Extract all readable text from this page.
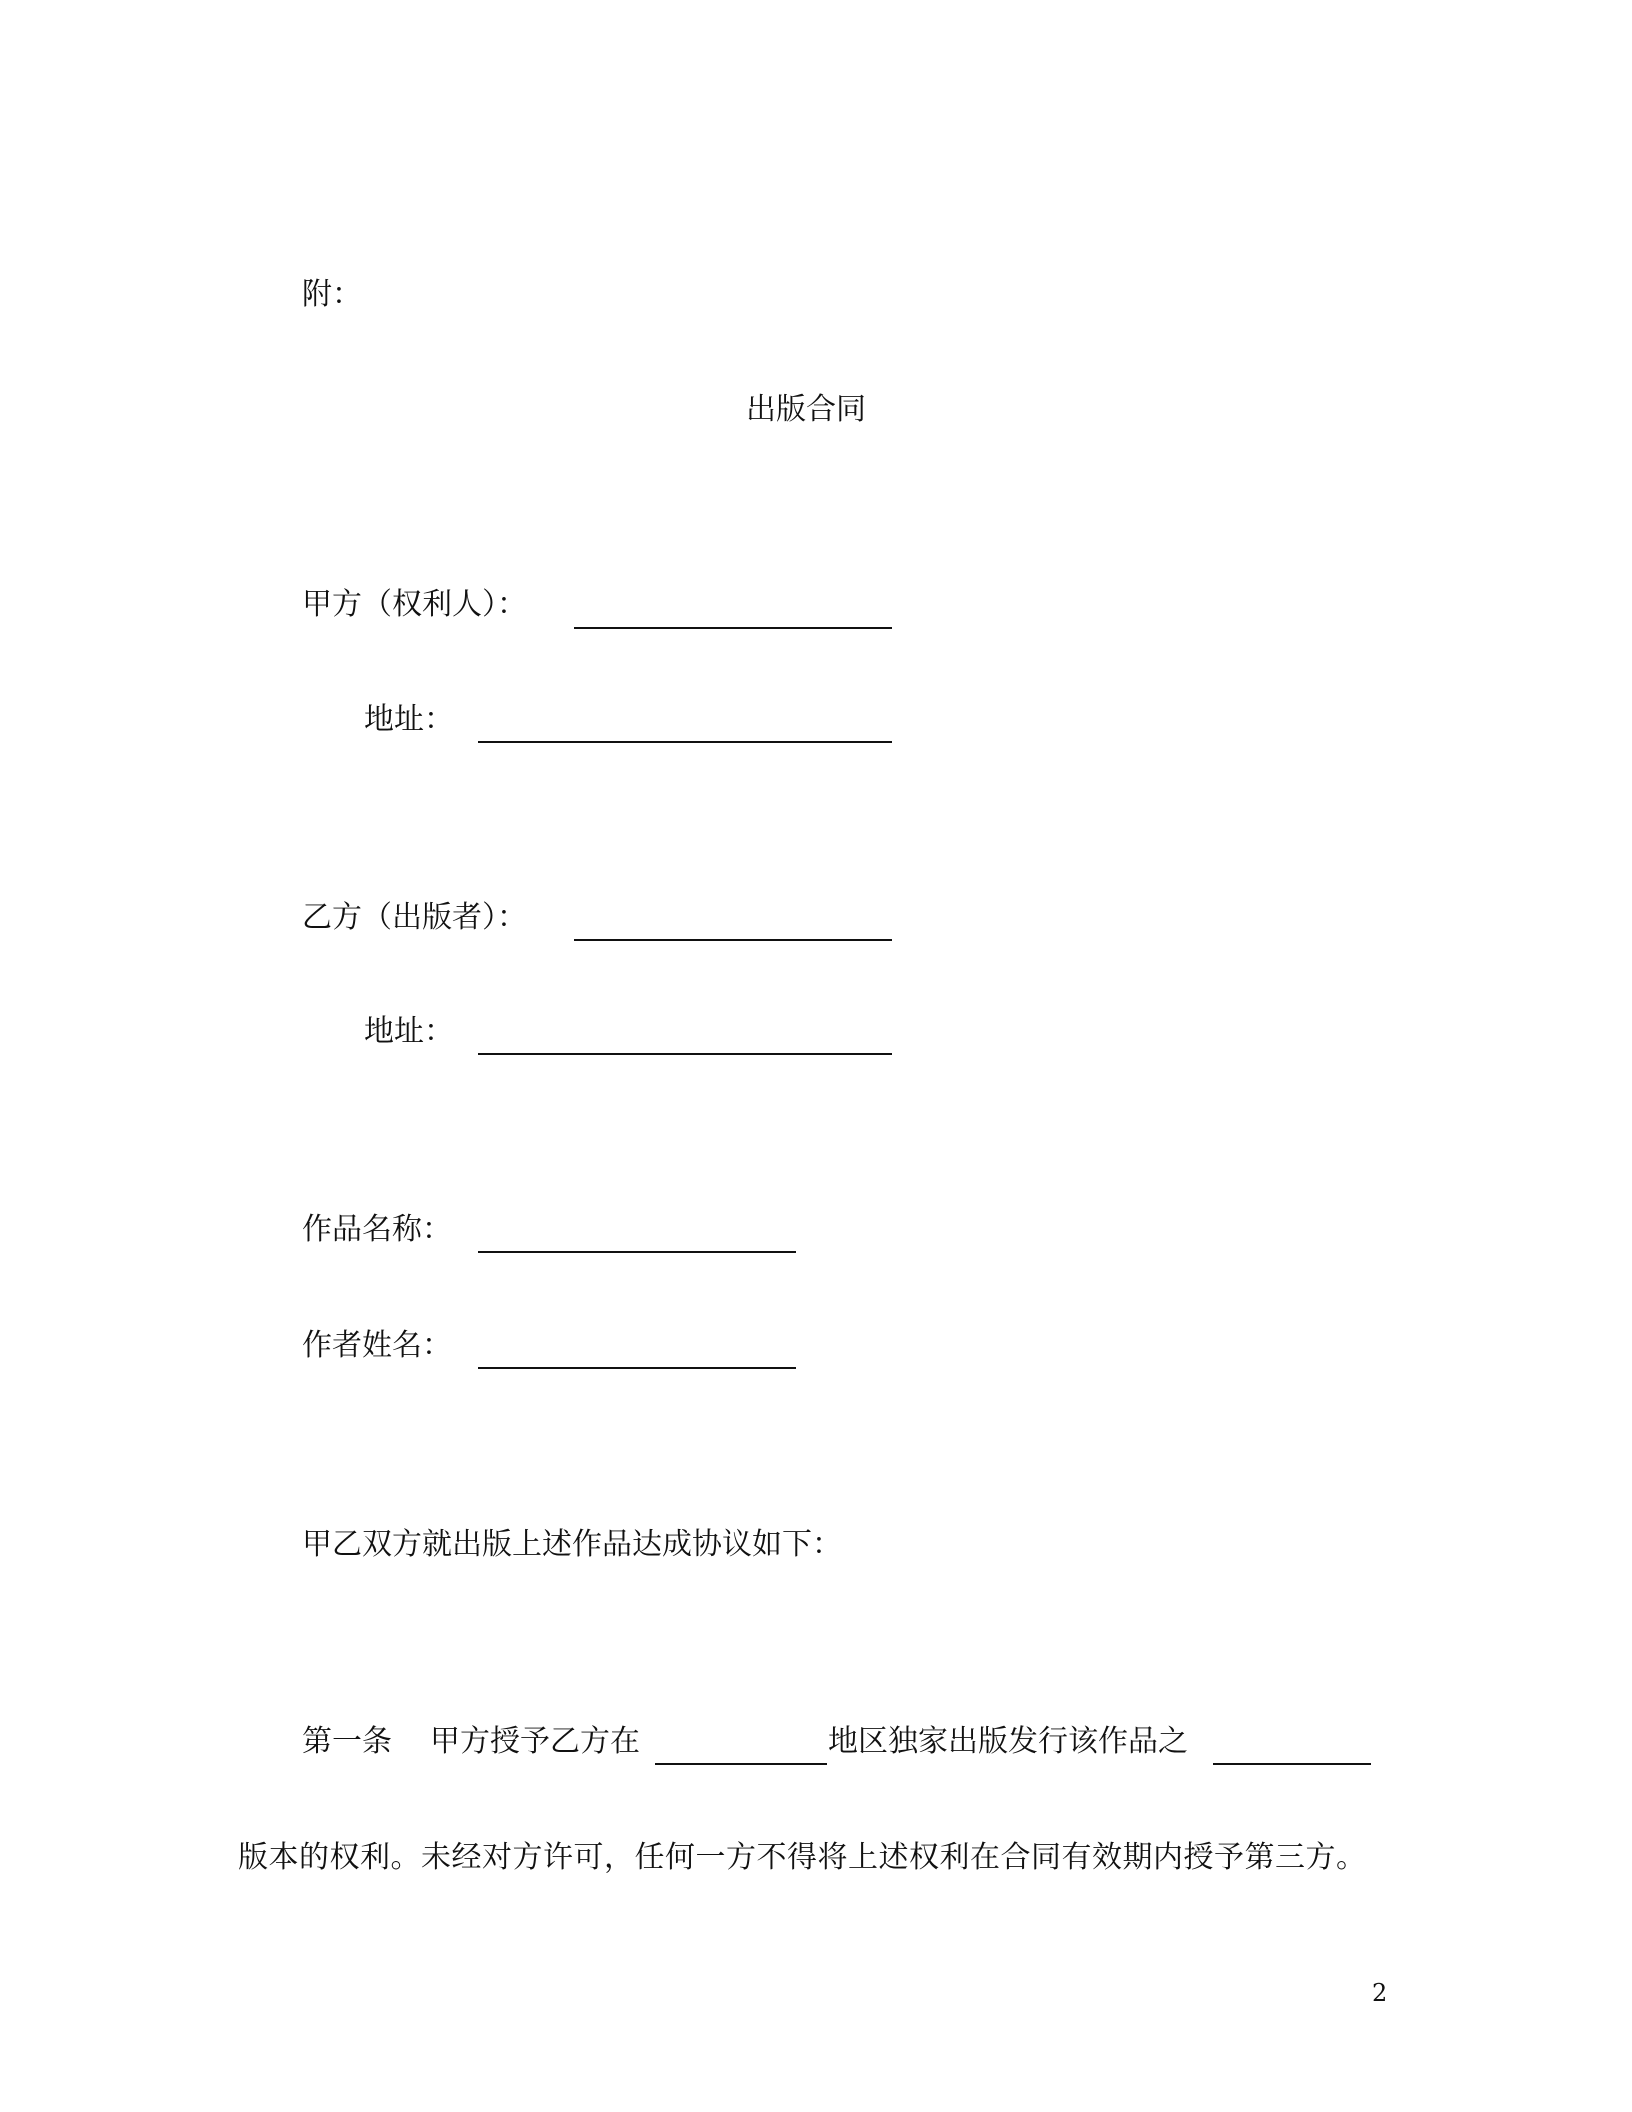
附：
出版合同
甲方（权利人）：
地址：
乙方（出版者）：
地址：
作品名称：
作者姓名：
甲乙双方就出版上述作品达成协议如下：
第一条 甲方授予乙方在	地区独家出版发行该作品之
版本的权利。未经对方许可，任何一方不得将上述权利在合同有效期内授予第三方。
2
